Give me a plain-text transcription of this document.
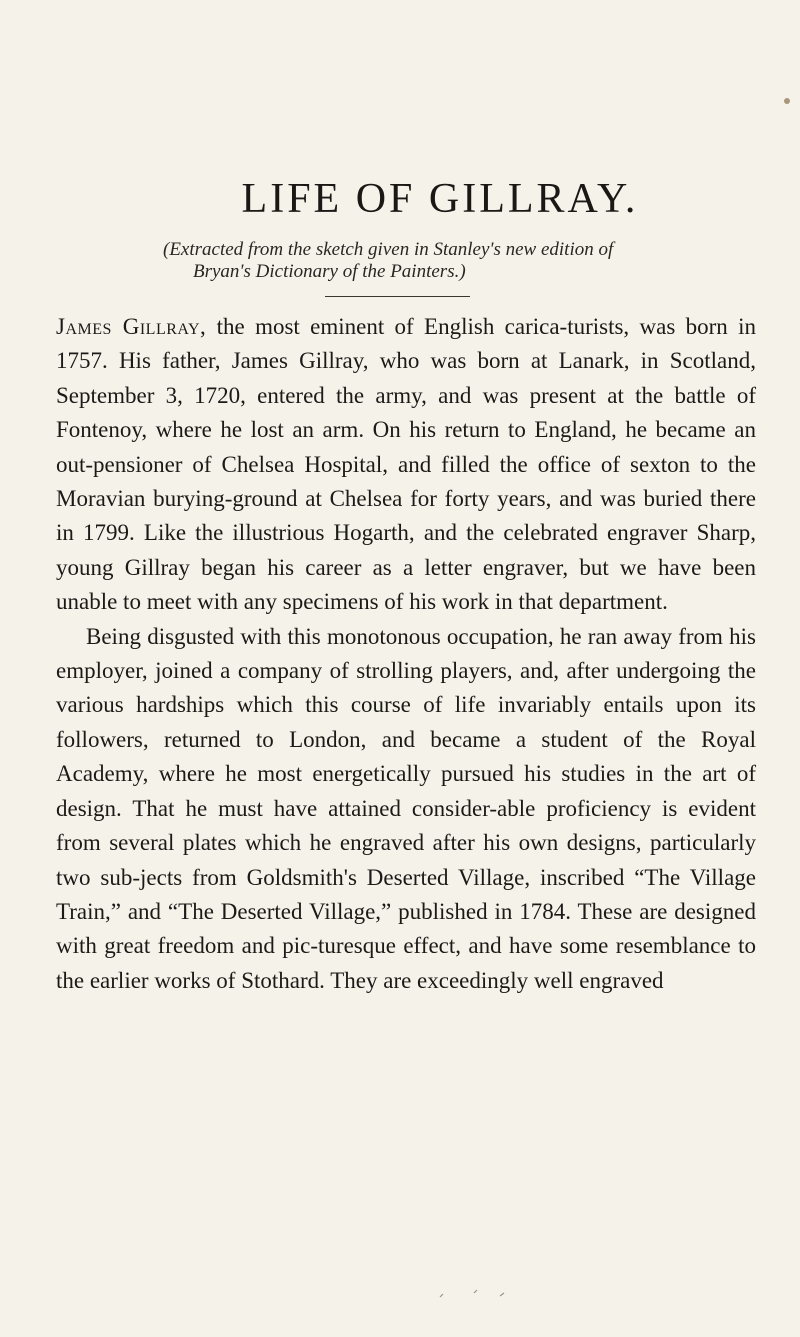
LIFE OF GILLRAY.
(Extracted from the sketch given in Stanley's new edition of
Bryan's Dictionary of the Painters.)

James Gillray, the most eminent of English carica-turists, was born in 1757. His father, James Gillray, who was born at Lanark, in Scotland, September 3, 1720, entered the army, and was present at the battle of Fontenoy, where he lost an arm. On his return to England, he became an out-pensioner of Chelsea Hospital, and filled the office of sexton to the Moravian burying-ground at Chelsea for forty years, and was buried there in 1799. Like the illustrious Hogarth, and the celebrated engraver Sharp, young Gillray began his career as a letter engraver, but we have been unable to meet with any specimens of his work in that department.

Being disgusted with this monotonous occupation, he ran away from his employer, joined a company of strolling players, and, after undergoing the various hardships which this course of life invariably entails upon its followers, returned to London, and became a student of the Royal Academy, where he most energetically pursued his studies in the art of design. That he must have attained consider-able proficiency is evident from several plates which he engraved after his own designs, particularly two sub-jects from Goldsmith's Deserted Village, inscribed “The Village Train,” and “The Deserted Village,” published in 1784. These are designed with great freedom and pic-turesque effect, and have some resemblance to the earlier works of Stothard. They are exceedingly well engraved
